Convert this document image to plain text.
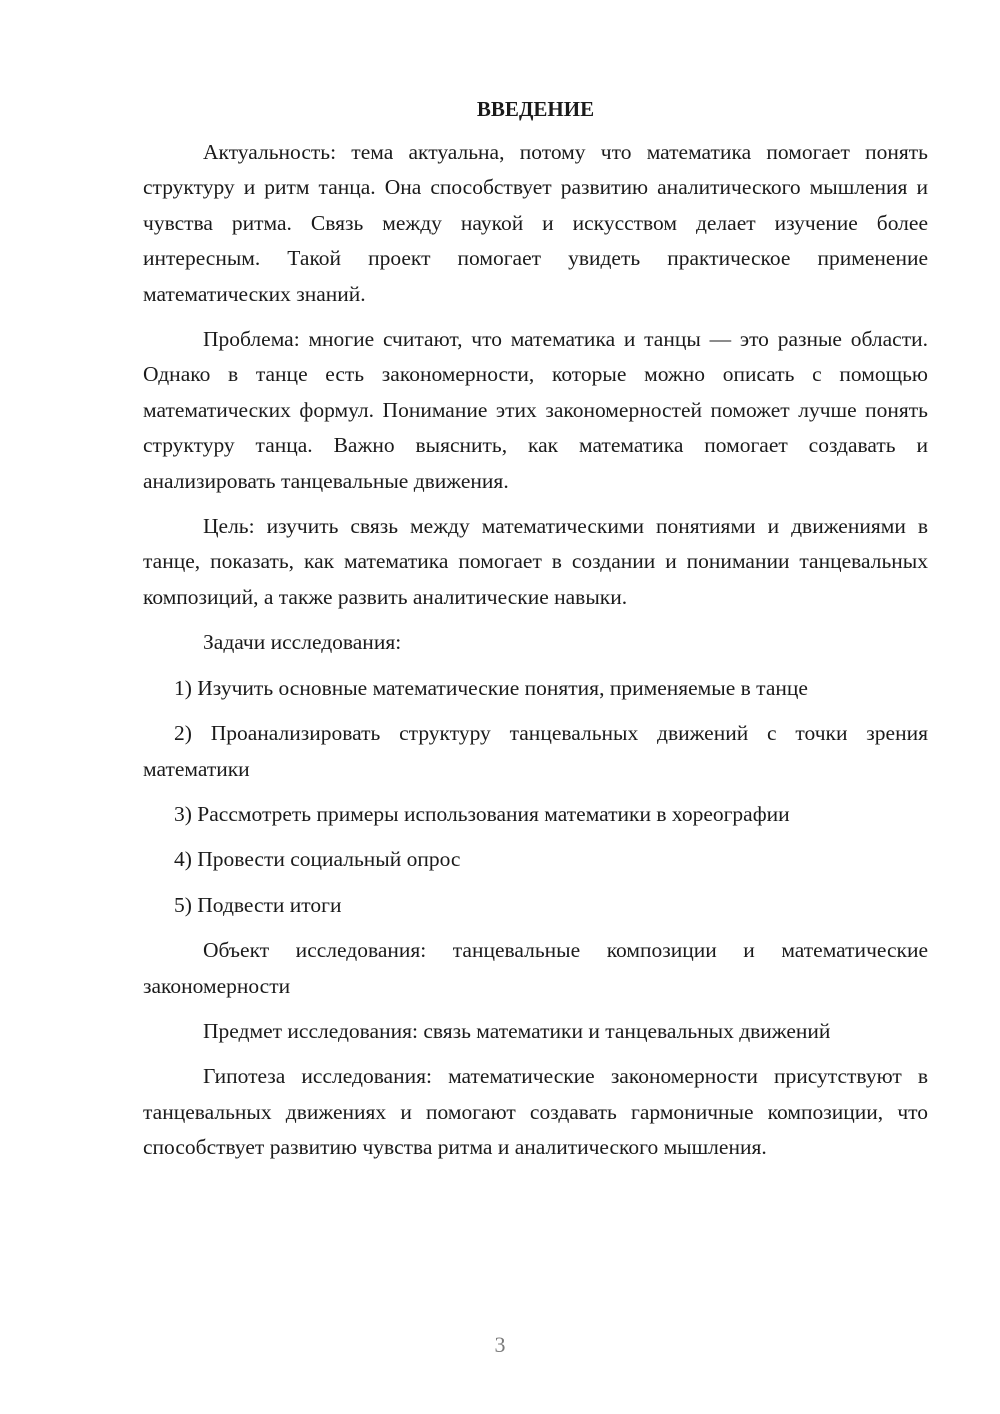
ВВЕДЕНИЕ

Актуальность: тема актуальна, потому что математика помогает понять структуру и ритм танца. Она способствует развитию аналитического мышления и чувства ритма. Связь между наукой и искусством делает изучение более интересным. Такой проект помогает увидеть практическое применение математических знаний.

Проблема: многие считают, что математика и танцы — это разные области. Однако в танце есть закономерности, которые можно описать с помощью математических формул. Понимание этих закономерностей поможет лучше понять структуру танца. Важно выяснить, как математика помогает создавать и анализировать танцевальные движения.

Цель: изучить связь между математическими понятиями и движениями в танце, показать, как математика помогает в создании и понимании танцевальных композиций, а также развить аналитические навыки.

Задачи исследования:

1) Изучить основные математические понятия, применяемые в танце

2) Проанализировать структуру танцевальных движений с точки зрения математики

3) Рассмотреть примеры использования математики в хореографии

4) Провести социальный опрос

5) Подвести итоги

Объект исследования: танцевальные композиции и математические закономерности

Предмет исследования: связь математики и танцевальных движений

Гипотеза исследования: математические закономерности присутствуют в танцевальных движениях и помогают создавать гармоничные композиции, что способствует развитию чувства ритма и аналитического мышления.

3
